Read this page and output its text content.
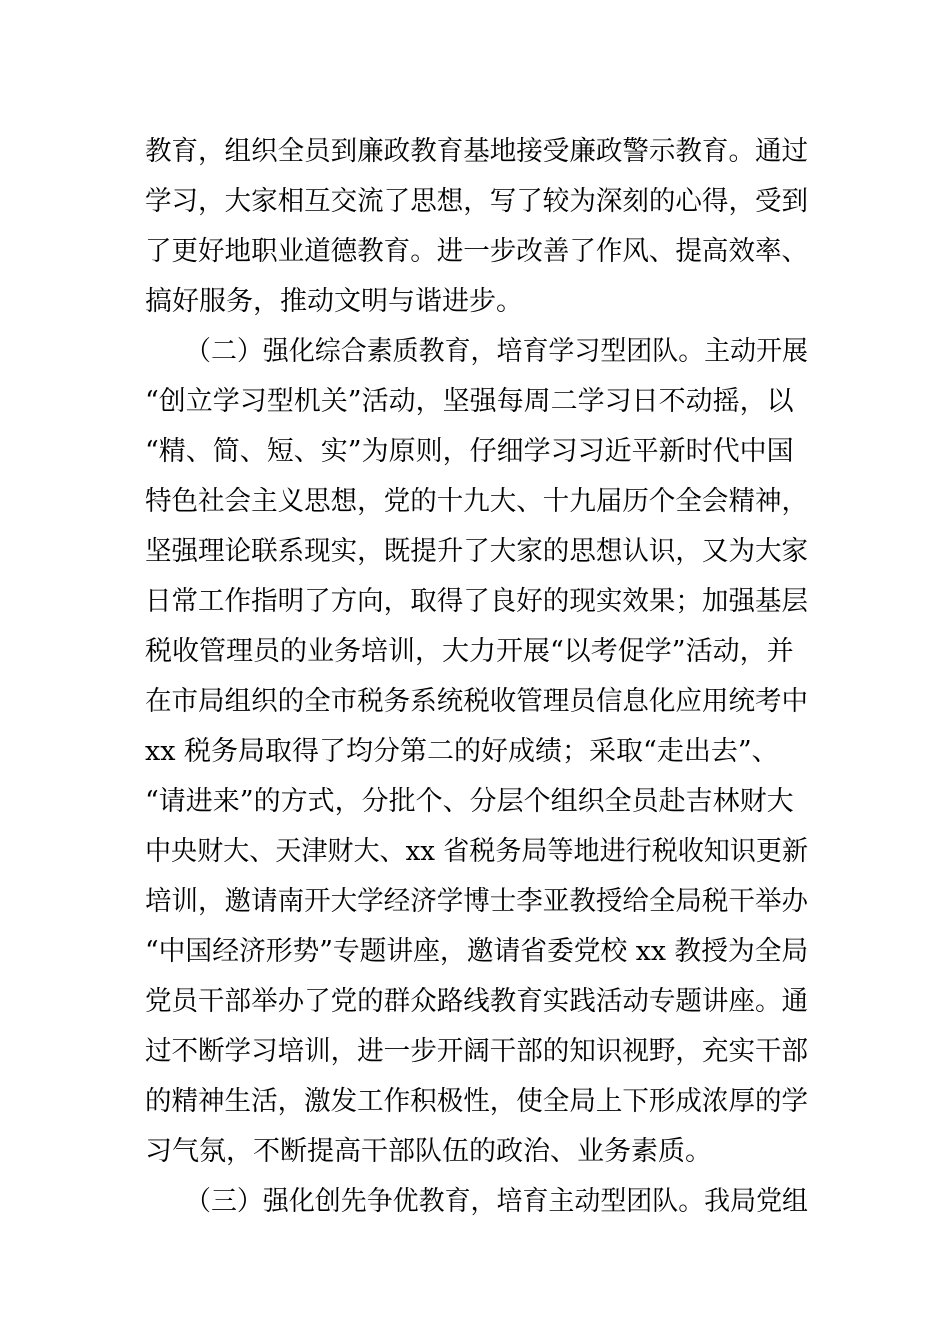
教育，组织全员到廉政教育基地接受廉政警示教育。通过
学习，大家相互交流了思想，写了较为深刻的心得，受到
了更好地职业道德教育。进一步改善了作风、提高效率、
搞好服务，推动文明与谐进步。
（二）强化综合素质教育，培育学习型团队。主动开展
“创立学习型机关”活动，坚强每周二学习日不动摇，以
“精、简、短、实”为原则，仔细学习习近平新时代中国
特色社会主义思想，党的十九大、十九届历个全会精神，
坚强理论联系现实，既提升了大家的思想认识，又为大家
日常工作指明了方向，取得了良好的现实效果；加强基层
税收管理员的业务培训，大力开展“以考促学”活动，并
在市局组织的全市税务系统税收管理员信息化应用统考中
xx 税务局取得了均分第二的好成绩；采取“走出去”、
“请进来”的方式，分批个、分层个组织全员赴吉林财大
中央财大、天津财大、xx 省税务局等地进行税收知识更新
培训，邀请南开大学经济学博士李亚教授给全局税干举办
“中国经济形势”专题讲座，邀请省委党校 xx 教授为全局
党员干部举办了党的群众路线教育实践活动专题讲座。通
过不断学习培训，进一步开阔干部的知识视野，充实干部
的精神生活，激发工作积极性，使全局上下形成浓厚的学
习气氛，不断提高干部队伍的政治、业务素质。
（三）强化创先争优教育，培育主动型团队。我局党组
